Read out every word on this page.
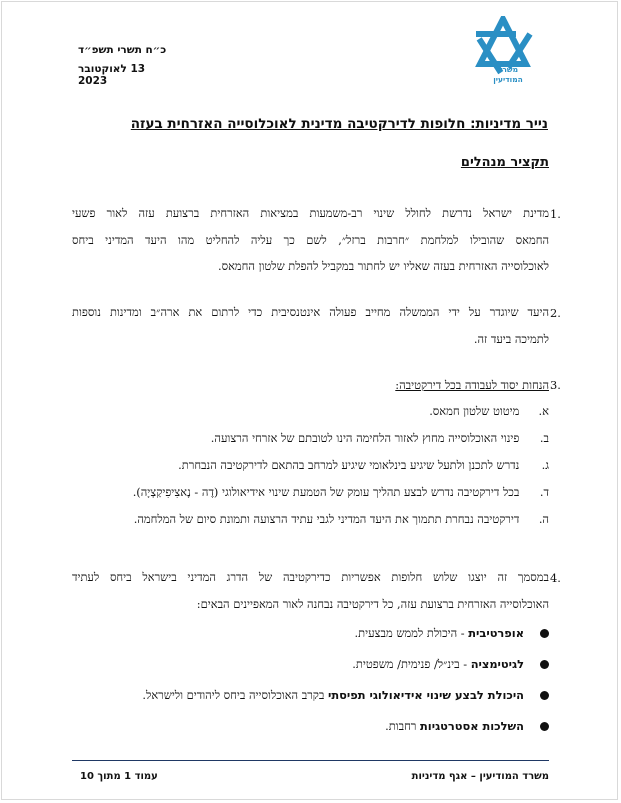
משרד
המודיעין
כ״ח תשרי תשפ״ד
13 לאוקטובר 2023
נייר מדיניות: חלופות לדירקטיבה מדינית לאוכלוסייה האזרחית בעזה
תקציר מנהלים
1.
מדינת ישראל נדרשת לחולל שינוי רב-משמעות במציאות האזרחית ברצועת עזה לאור פשעי
החמאס שהובילו למלחמת ״חרבות ברזל״, לשם כך עליה להחליט מהו היעד המדיני ביחס
לאוכלוסייה האזרחית בעזה שאליו יש לחתור במקביל להפלת שלטון החמאס.
2.
היעד שיוגדר על ידי הממשלה מחייב פעולה אינטנסיבית כדי לרתום את ארה״ב ומדינות נוספות
לתמיכה ביעד זה.
3.
הנחות יסוד לעבודה בכל דירקטיבה:
א. מיטוט שלטון חמאס.
ב. פינוי האוכלוסייה מחוץ לאזור הלחימה הינו לטובתם של אזרחי הרצועה.
ג. נדרש לתכנן ולתעל שיגיע בינלאומי שיגיע למרחב בהתאם לדירקטיבה הנבחרת.
ד. בכל דירקטיבה נדרש לבצע תהליך עומק של הטמעת שינוי אידיאולוגי (דֶה - נָאצִיפִיקַצְיָה).
ה. דירקטיבה נבחרת תתמוך את היעד המדיני לגבי עתיד הרצועה ותמונת סיום של המלחמה.
4.
במסמך זה יוצגו שלוש חלופות אפשריות כדירקטיבה של הדרג המדיני בישראל ביחס לעתיד
האוכלוסייה האזרחית ברצועת עזה, כל דירקטיבה נבחנה לאור המאפיינים הבאים:
אופרטיבית - היכולת לממש מבצעית.
לגיטימציה - בינ״ל/ פנימית/ משפטית.
היכולת לבצע שינוי אידיאולוגי תפיסתי בקרב האוכלוסייה ביחס ליהודים ולישראל.
השלכות אסטרטגיות רחבות.
עמוד 1 מתוך 10	משרד המודיעין – אגף מדיניות
